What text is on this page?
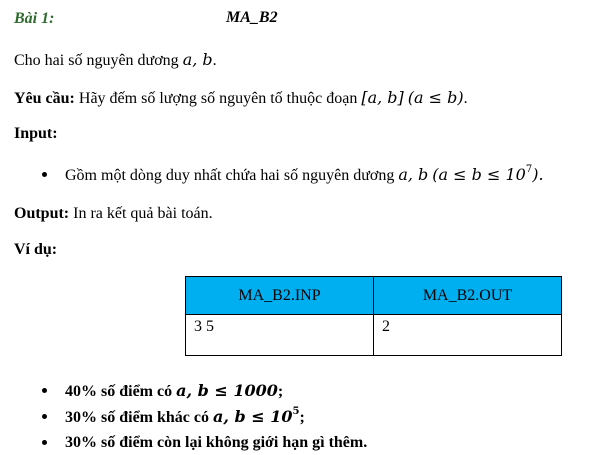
Bài 1:	MA_B2
Cho hai số nguyên dương a, b.
Yêu cầu: Hãy đếm số lượng số nguyên tố thuộc đoạn [a, b] (a ≤ b).
Input:
Gồm một dòng duy nhất chứa hai số nguyên dương a, b $(a \le b \le 10^7)$.
Output: In ra kết quả bài toán.
Ví dụ:
MA_B2.INP	MA_B2.OUT
3 5	2
40% số điểm có a, b ≤ 1000;
30% số điểm khác có a, $b \le 10^5$;
30% số điểm còn lại không giới hạn gì thêm.
